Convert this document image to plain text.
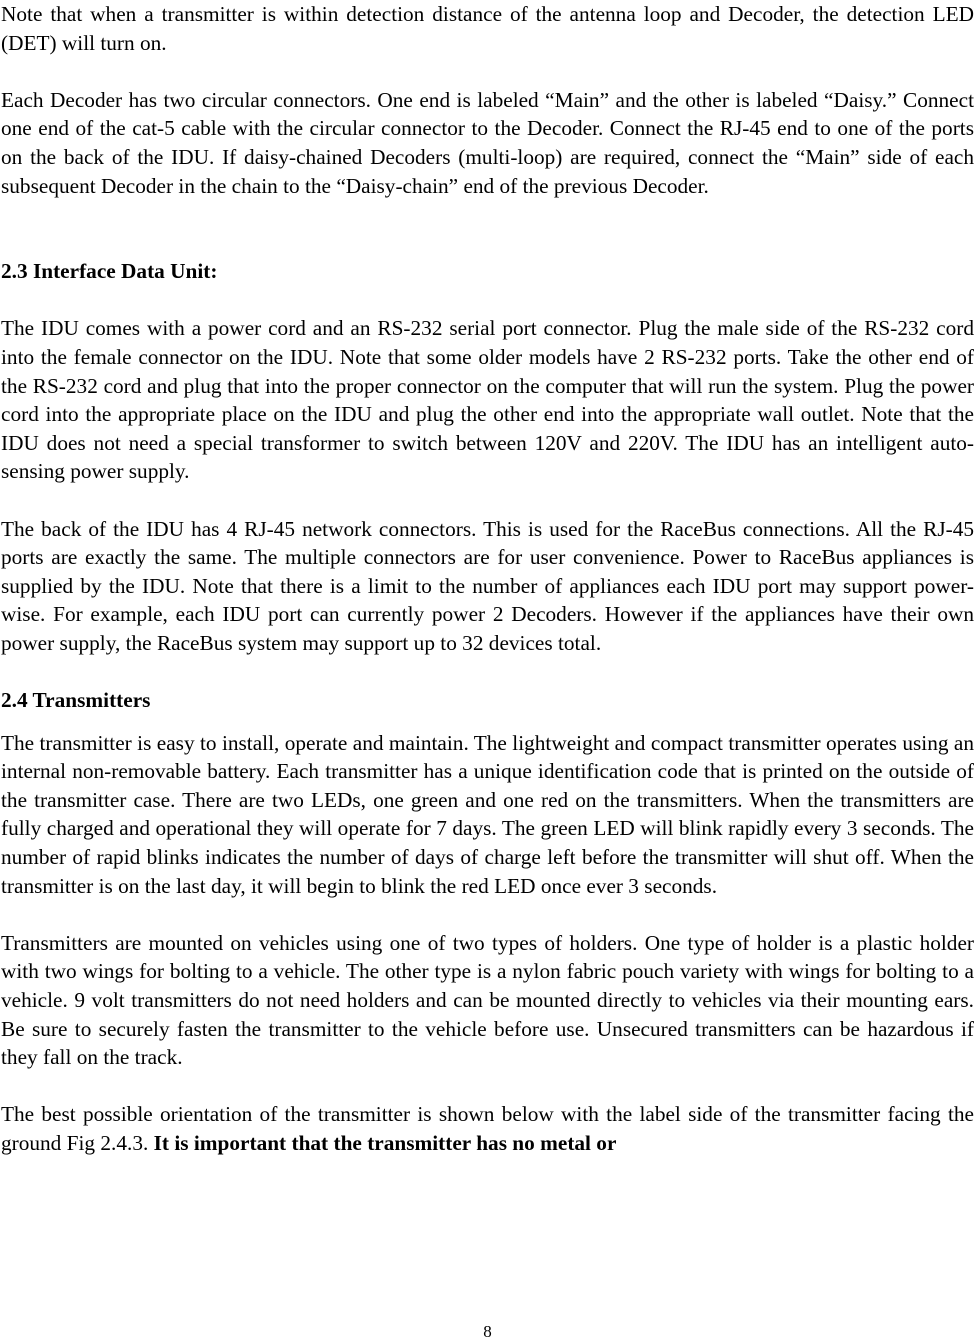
Note that when a transmitter is within detection distance of the antenna loop and Decoder, the detection LED (DET) will turn on.

Each Decoder has two circular connectors. One end is labeled “Main” and the other is labeled “Daisy.” Connect one end of the cat-5 cable with the circular connector to the Decoder. Connect the RJ-45 end to one of the ports on the back of the IDU. If daisy-chained Decoders (multi-loop) are required, connect the “Main” side of each subsequent Decoder in the chain to the “Daisy-chain” end of the previous Decoder.

2.3 Interface Data Unit:

The IDU comes with a power cord and an RS-232 serial port connector. Plug the male side of the RS-232 cord into the female connector on the IDU. Note that some older models have 2 RS-232 ports. Take the other end of the RS-232 cord and plug that into the proper connector on the computer that will run the system. Plug the power cord into the appropriate place on the IDU and plug the other end into the appropriate wall outlet. Note that the IDU does not need a special transformer to switch between 120V and 220V. The IDU has an intelligent auto-sensing power supply.

The back of the IDU has 4 RJ-45 network connectors. This is used for the RaceBus connections. All the RJ-45 ports are exactly the same. The multiple connectors are for user convenience. Power to RaceBus appliances is supplied by the IDU. Note that there is a limit to the number of appliances each IDU port may support power-wise. For example, each IDU port can currently power 2 Decoders. However if the appliances have their own power supply, the RaceBus system may support up to 32 devices total.

2.4 Transmitters

The transmitter is easy to install, operate and maintain. The lightweight and compact transmitter operates using an internal non-removable battery. Each transmitter has a unique identification code that is printed on the outside of the transmitter case. There are two LEDs, one green and one red on the transmitters. When the transmitters are fully charged and operational they will operate for 7 days. The green LED will blink rapidly every 3 seconds. The number of rapid blinks indicates the number of days of charge left before the transmitter will shut off. When the transmitter is on the last day, it will begin to blink the red LED once ever 3 seconds.

Transmitters are mounted on vehicles using one of two types of holders. One type of holder is a plastic holder with two wings for bolting to a vehicle. The other type is a nylon fabric pouch variety with wings for bolting to a vehicle. 9 volt transmitters do not need holders and can be mounted directly to vehicles via their mounting ears. Be sure to securely fasten the transmitter to the vehicle before use. Unsecured transmitters can be hazardous if they fall on the track.

The best possible orientation of the transmitter is shown below with the label side of the transmitter facing the ground Fig 2.4.3. It is important that the transmitter has no metal or

8
